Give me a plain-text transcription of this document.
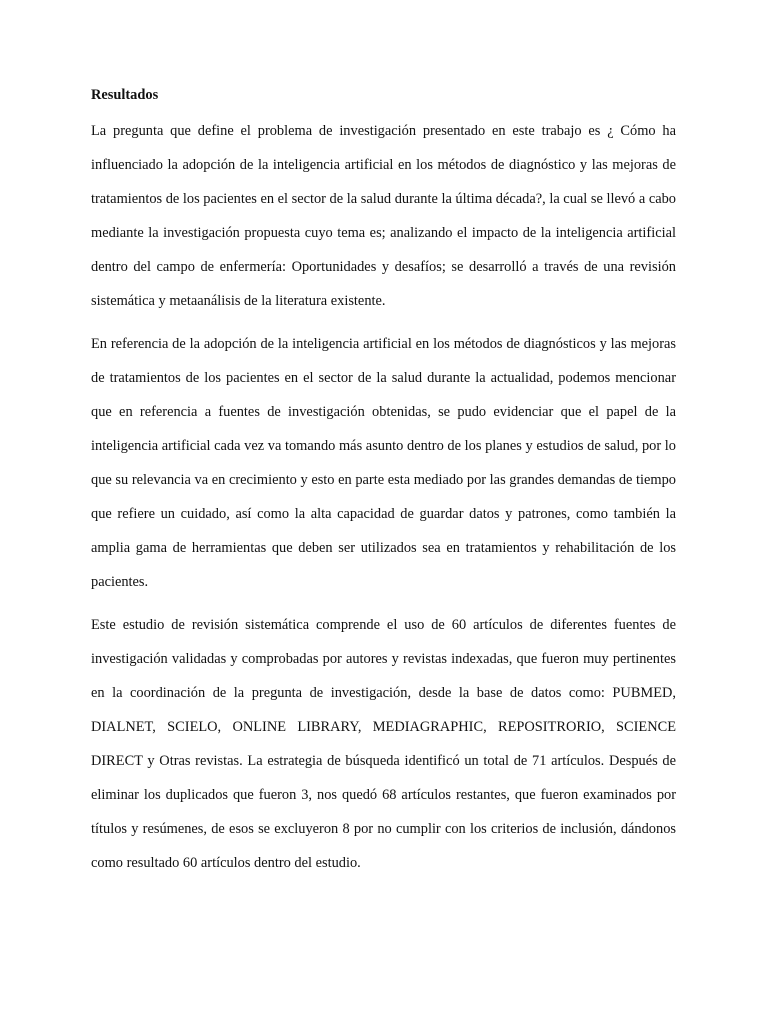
Resultados

La pregunta que define el problema de investigación presentado en este trabajo es ¿ Cómo ha influenciado la adopción de la inteligencia artificial en los métodos de diagnóstico y las mejoras de tratamientos de los pacientes en el sector de la salud durante la última década?, la cual se llevó a cabo mediante la investigación propuesta cuyo tema es; analizando el impacto de la inteligencia artificial dentro del campo de enfermería: Oportunidades y desafíos; se desarrolló a través de una revisión sistemática y metaanálisis de la literatura existente.

En referencia de la adopción de la inteligencia artificial en los métodos de diagnósticos y las mejoras de tratamientos de los pacientes en el sector de la salud durante la actualidad, podemos mencionar que en referencia a fuentes de investigación obtenidas, se pudo evidenciar que el papel de la inteligencia artificial cada vez va tomando más asunto dentro de los planes y estudios de salud, por lo que su relevancia va en crecimiento y esto en parte esta mediado por las grandes demandas de tiempo que refiere un cuidado, así como la alta capacidad de guardar datos y patrones, como también la amplia gama de herramientas que deben ser utilizados sea en tratamientos y rehabilitación de los pacientes.

Este estudio de revisión sistemática comprende el uso de 60 artículos de diferentes fuentes de investigación validadas y comprobadas por autores y revistas indexadas, que fueron muy pertinentes en la coordinación de la pregunta de investigación, desde la base de datos como: PUBMED, DIALNET, SCIELO, ONLINE LIBRARY, MEDIAGRAPHIC, REPOSITRORIO, SCIENCE DIRECT y Otras revistas. La estrategia de búsqueda identificó un total de 71 artículos. Después de eliminar los duplicados que fueron 3, nos quedó 68 artículos restantes, que fueron examinados por títulos y resúmenes, de esos se excluyeron 8 por no cumplir con los criterios de inclusión, dándonos como resultado 60 artículos dentro del estudio.
